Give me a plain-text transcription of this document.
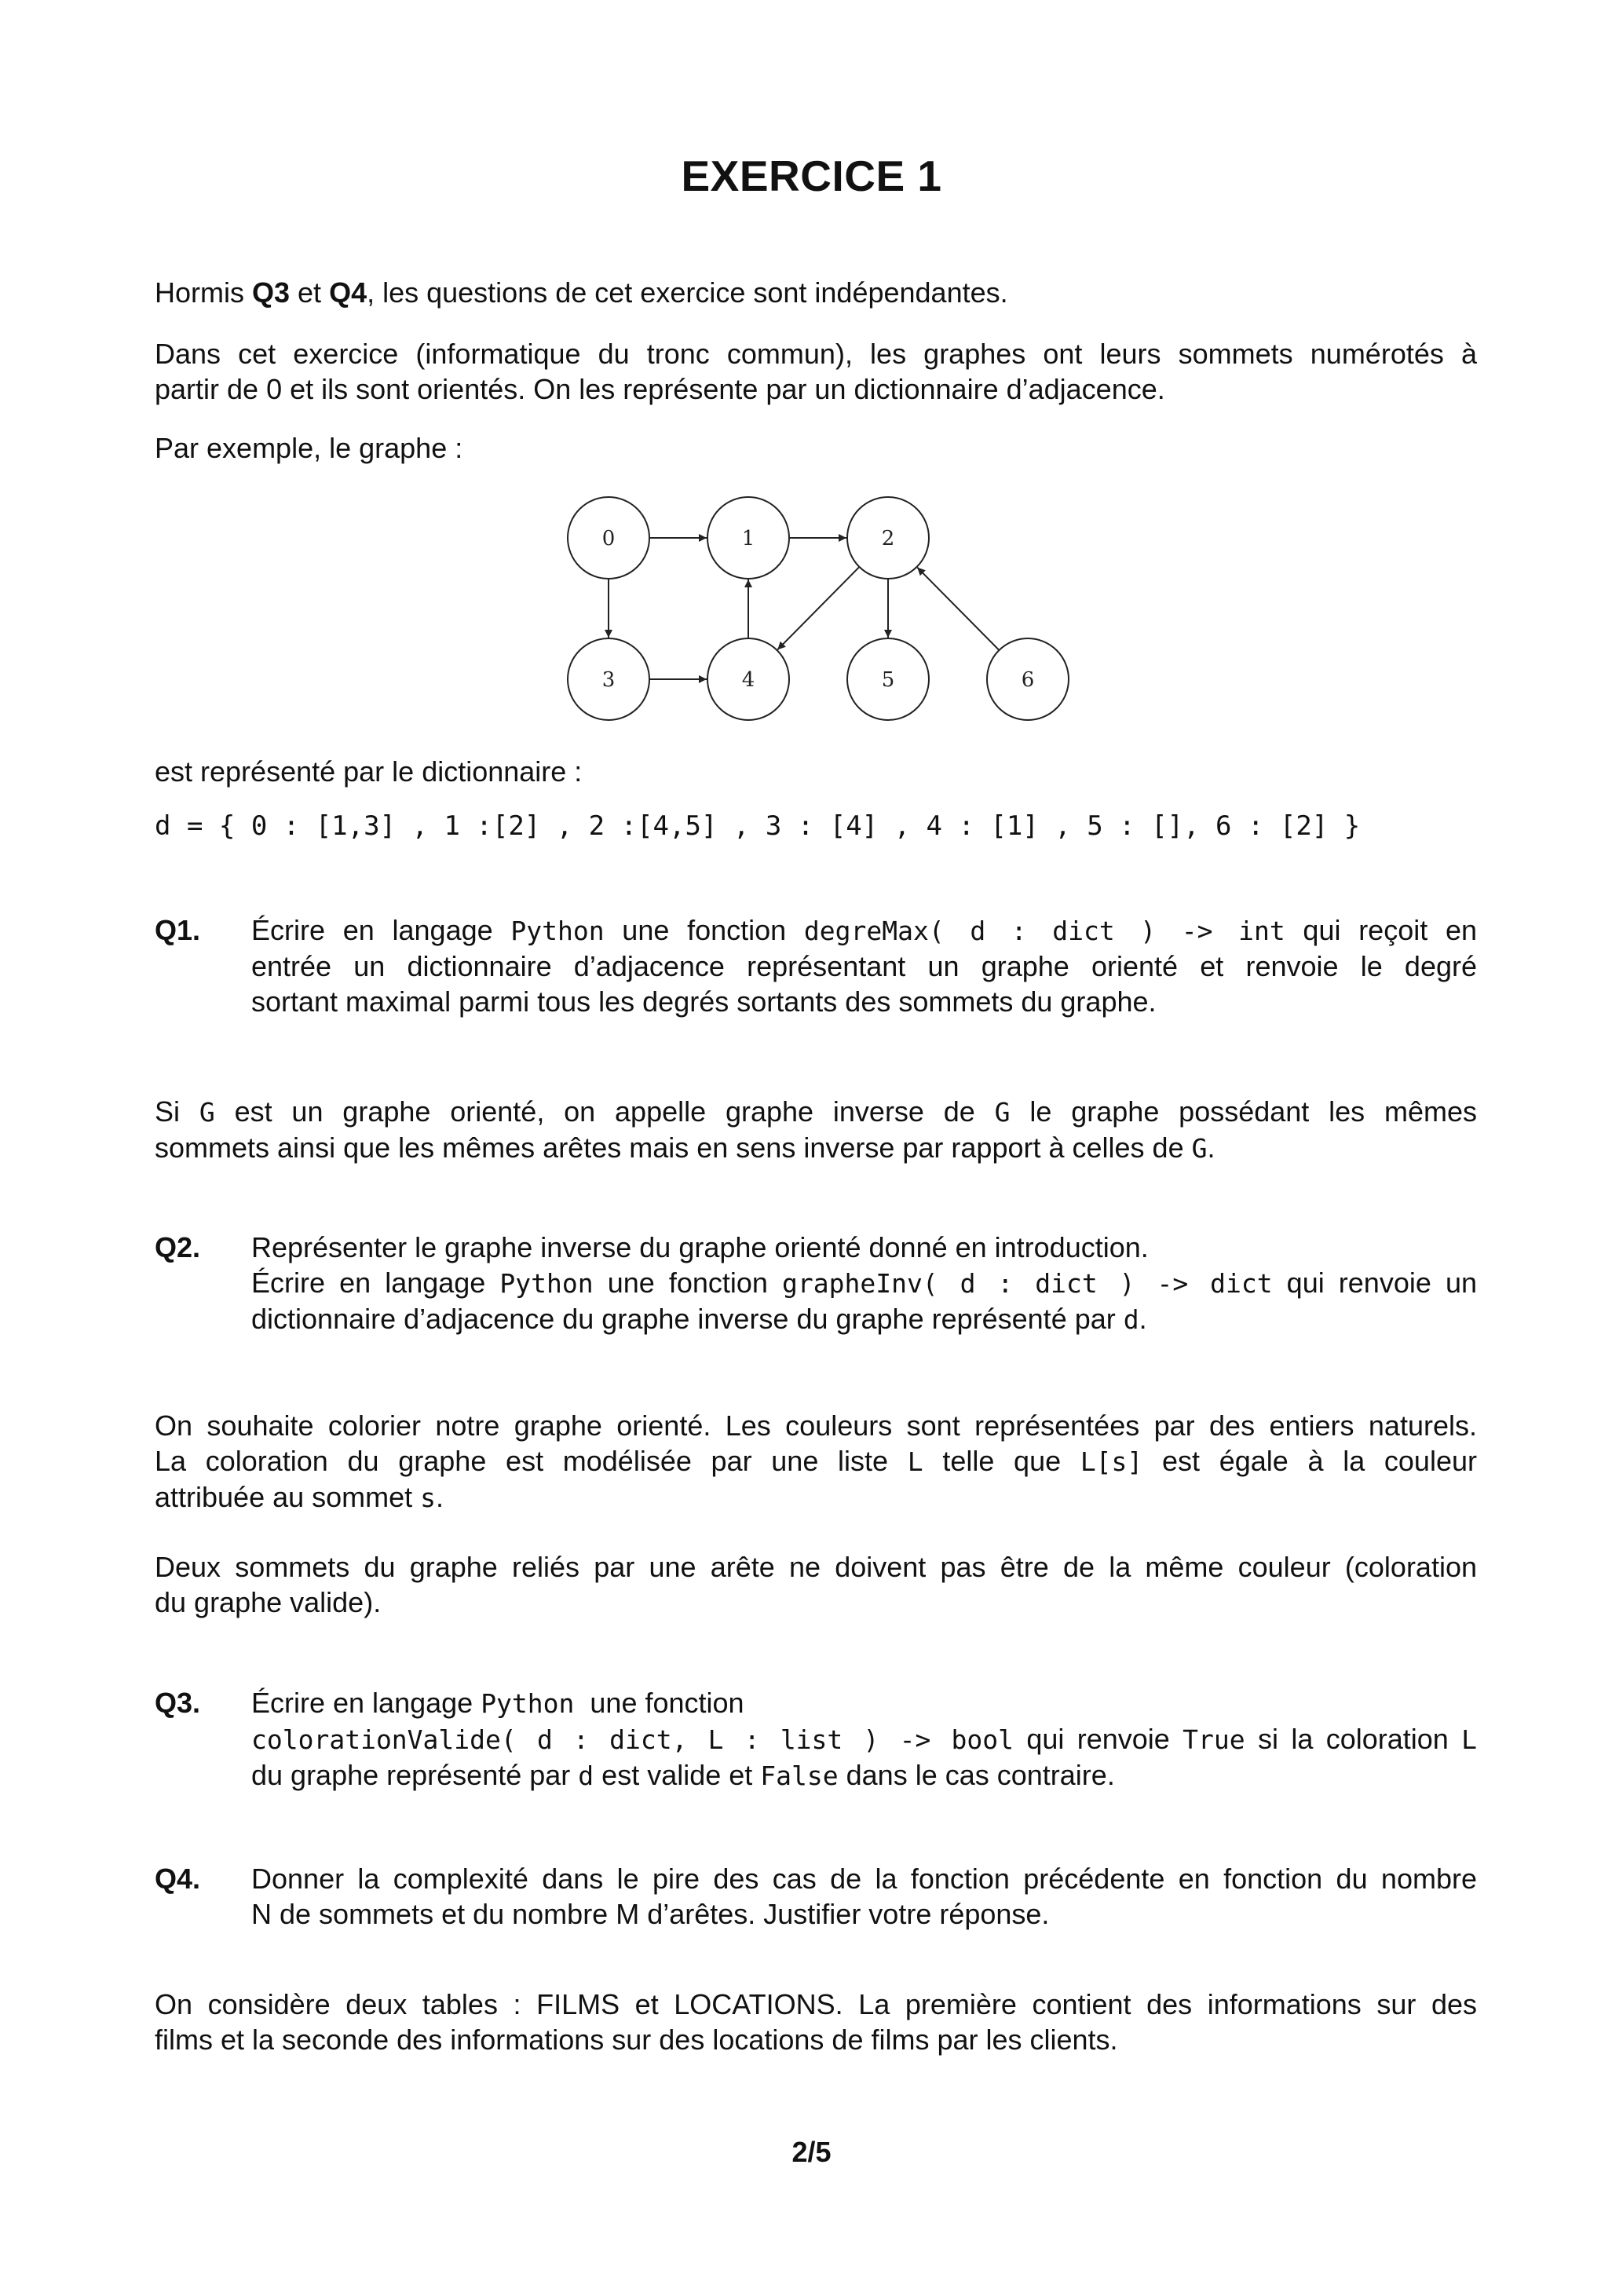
EXERCICE 1

Hormis Q3 et Q4, les questions de cet exercice sont indépendantes.

Dans cet exercice (informatique du tronc commun), les graphes ont leurs sommets numérotés à
partir de 0 et ils sont orientés. On les représente par un dictionnaire d’adjacence.

Par exemple, le graphe :

0	1	2
3	4	5	6

est représenté par le dictionnaire :

d = { 0 : [1,3] , 1 :[2] , 2 :[4,5] , 3 : [4] , 4 : [1] , 5 : [], 6 : [2] }
Q1. Écrire en langage Python une fonction degreMax( d : dict ) -> int qui reçoit en
entrée un dictionnaire d’adjacence représentant un graphe orienté et renvoie le degré
sortant maximal parmi tous les degrés sortants des sommets du graphe.
Si G est un graphe orienté, on appelle graphe inverse de G le graphe possédant les mêmes
sommets ainsi que les mêmes arêtes mais en sens inverse par rapport à celles de G.
Q2. Représenter le graphe inverse du graphe orienté donné en introduction.
Écrire en langage Python une fonction grapheInv( d : dict ) -> dict qui renvoie un
dictionnaire d’adjacence du graphe inverse du graphe représenté par d.
On souhaite colorier notre graphe orienté. Les couleurs sont représentées par des entiers naturels.
La coloration du graphe est modélisée par une liste L telle que L[s] est égale à la couleur
attribuée au sommet s.
Deux sommets du graphe reliés par une arête ne doivent pas être de la même couleur (coloration
du graphe valide).
Q3. Écrire en langage Python  une fonction
colorationValide( d : dict, L : list ) -> bool qui renvoie True si la coloration L
du graphe représenté par d est valide et False dans le cas contraire.
Q4. Donner la complexité dans le pire des cas de la fonction précédente en fonction du nombre
N de sommets et du nombre M d’arêtes. Justifier votre réponse.
On considère deux tables : FILMS et LOCATIONS. La première contient des informations sur des
films et la seconde des informations sur des locations de films par les clients.
2/5
